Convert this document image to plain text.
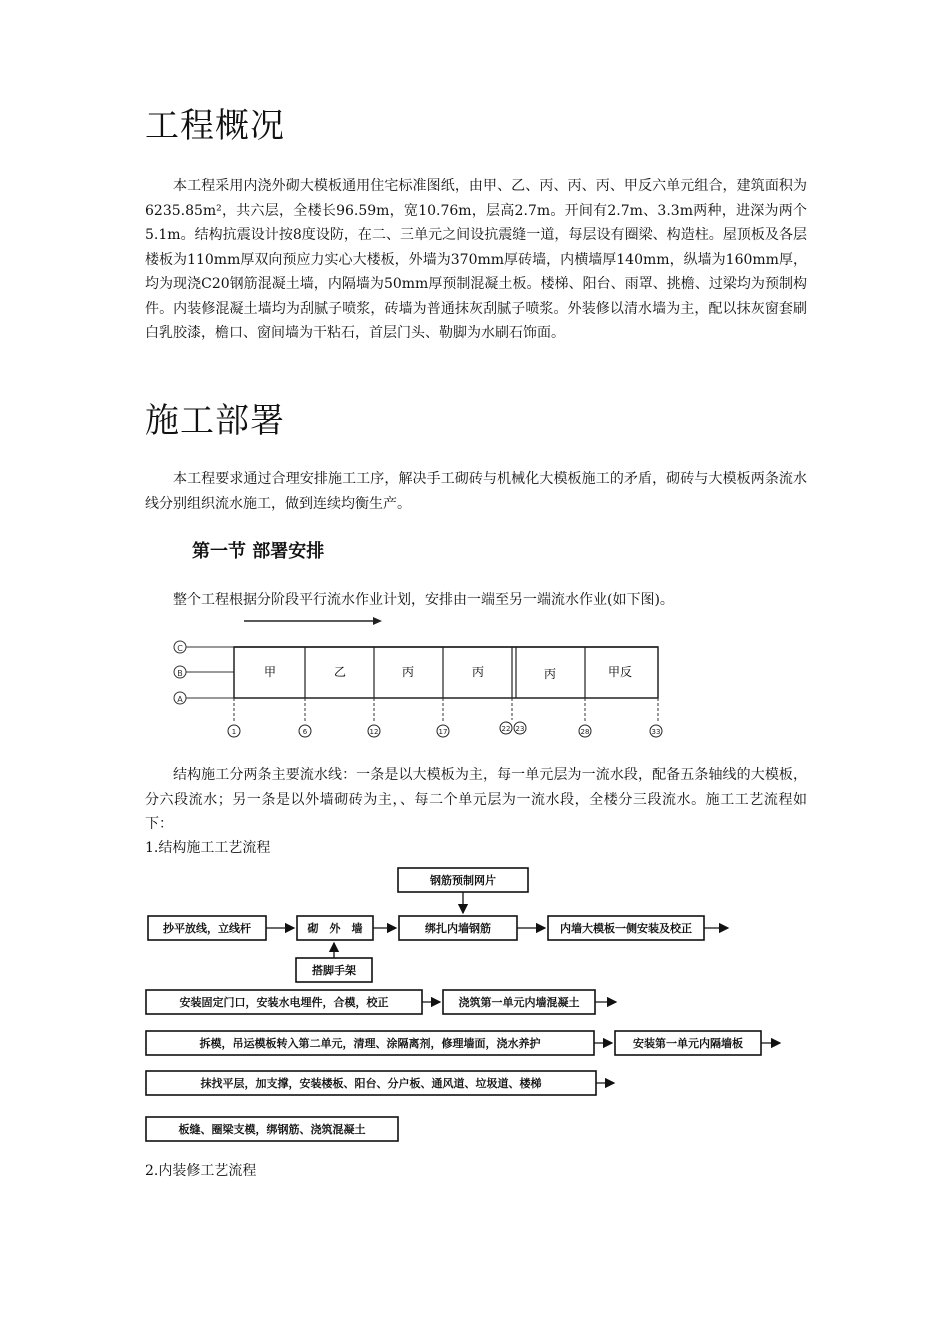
工程概况

本工程采用内浇外砌大模板通用住宅标准图纸，由甲、乙、丙、丙、丙、甲反六单元组合，建筑面积为6235.85m²，共六层，全楼长96.59m，宽10.76m，层高2.7m。开间有2.7m、3.3m两种，进深为两个5.1m。结构抗震设计按8度设防，在二、三单元之间设抗震缝一道，每层设有圈梁、构造柱。屋顶板及各层楼板为110mm厚双向预应力实心大楼板，外墙为370mm厚砖墙，内横墙厚140mm，纵墙为160mm厚，均为现浇C20钢筋混凝土墙，内隔墙为50mm厚预制混凝土板。楼梯、阳台、雨罩、挑檐、过梁均为预制构件。内装修混凝土墙均为刮腻子喷浆，砖墙为普通抹灰刮腻子喷浆。外装修以清水墙为主，配以抹灰窗套刷白乳胶漆，檐口、窗间墙为干粘石，首层门头、勒脚为水刷石饰面。

施工部署

本工程要求通过合理安排施工工序，解决手工砌砖与机械化大模板施工的矛盾，砌砖与大模板两条流水线分别组织流水施工，做到连续均衡生产。

第一节 部署安排

整个工程根据分阶段平行流水作业计划，安排由一端至另一端流水作业(如下图)。

C
B
A
甲	乙	丙	丙	丙	甲反
1	6	12	17	22 23	28	33

结构施工分两条主要流水线：一条是以大模板为主，每一单元层为一流水段，配备五条轴线的大模板，分六段流水；另一条是以外墙砌砖为主，、每二个单元层为一流水段，全楼分三段流水。施工工艺流程如下：

1.结构施工工艺流程

钢筋预制网片
抄平放线，立线杆	砌　外　墙	绑扎内墙钢筋	内墙大模板一侧安装及校正
搭脚手架
安装固定门口，安装水电埋件，合模，校正	浇筑第一单元内墙混凝土
拆模，吊运模板转入第二单元，清理、涂隔离剂，修理墙面，浇水养护	安装第一单元内隔墙板
抹找平层，加支撑，安装楼板、阳台、分户板、通风道、垃圾道、楼梯
板缝、圈梁支模，绑钢筋、浇筑混凝土

2.内装修工艺流程
